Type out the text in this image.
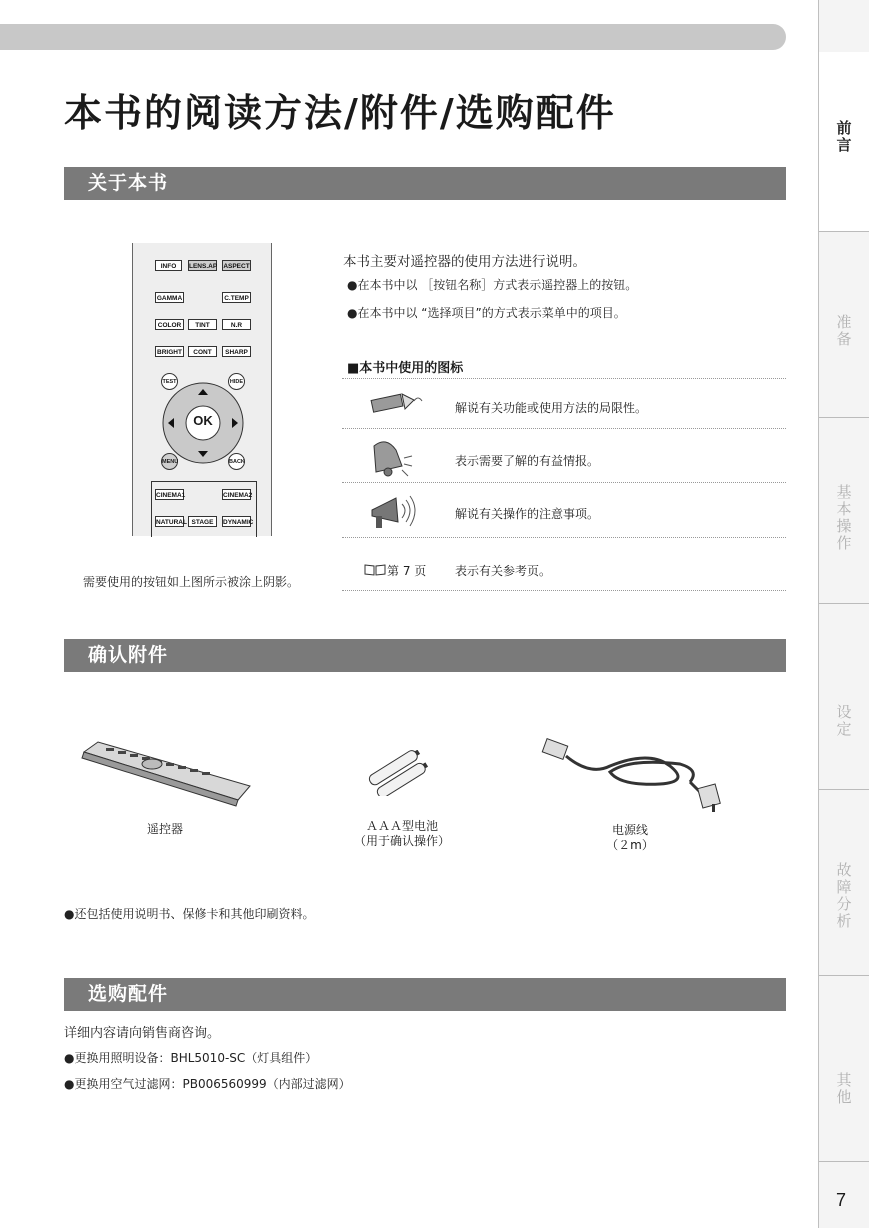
本书的阅读方法/附件/选购配件
关于本书
INFO	LENS.AP ASPECT
GAMMA	C.TEMP
COLOR	TINT	N.R
BRIGHT	CONT	SHARP
TEST	HIDE
OK
MENU	BACK
CINEMA1	CINEMA2
NATURAL STAGE	DYNAMIC
需要使用的按钮如上图所示被涂上阴影。
本书主要对遥控器的使用方法进行说明。
●在本书中以 ［按钮名称］方式表示遥控器上的按钮。
●在本书中以 “选择项目”的方式表示菜单中的项目。
■本书中使用的图标
解说有关功能或使用方法的局限性。
表示需要了解的有益情报。
解说有关操作的注意事项。
第 7 页 表示有关参考页。
确认附件
遥控器	ＡＡＡ型电池
（用于确认操作）
电源线
（２m）
●还包括使用说明书、保修卡和其他印刷资料。
选购配件
详细内容请向销售商咨询。
●更换用照明设备：BHL5010-SC（灯具组件）
●更换用空气过滤网：PB006560999（内部过滤网）
前言
准备
基本操作
设定
故障分析
其他
7
